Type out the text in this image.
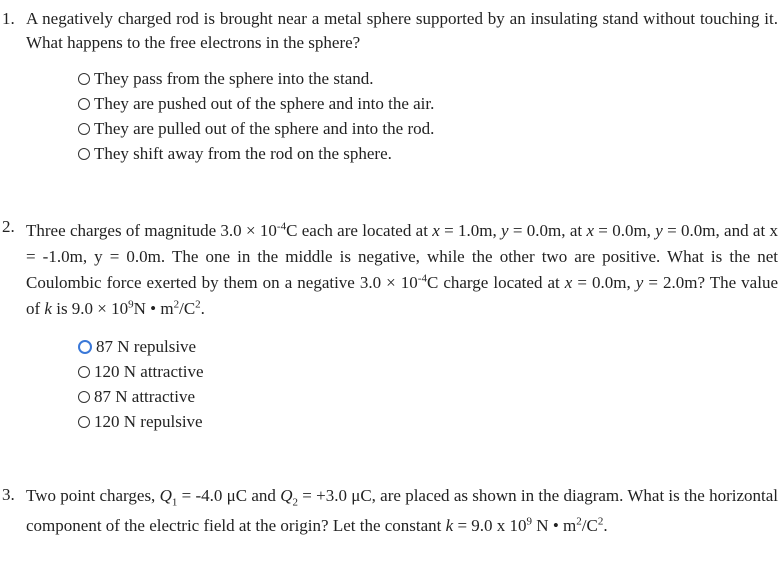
1. A negatively charged rod is brought near a metal sphere supported by an insulating stand without touching it. What happens to the free electrons in the sphere?
They pass from the sphere into the stand.
They are pushed out of the sphere and into the air.
They are pulled out of the sphere and into the rod.
They shift away from the rod on the sphere.
2. Three charges of magnitude $3.0 \times 10^{-4}C$ each are located at x = 1.0m, y = 0.0m, at x = 0.0m, y = 0.0m, and at x = -1.0m, y = 0.0m. The one in the middle is negative, while the other two are positive. What is the net Coulombic force exerted by them on a negative $3.0 \times 10^{-4}C$ charge located at x = 0.0m, y = 2.0m? The value of k is $9.0 \times 10^9N$ • $m^2/C^2$.
87 N repulsive
120 N attractive
87 N attractive
120 N repulsive
3. Two point charges, $Q_1 = -4.0$ μC and $Q_2 = +3.0$ μC, are placed as shown in the diagram. What is the horizontal component of the electric field at the origin? Let the constant k = 9.0 x $10^9$ N • $m^2/C^2$.
